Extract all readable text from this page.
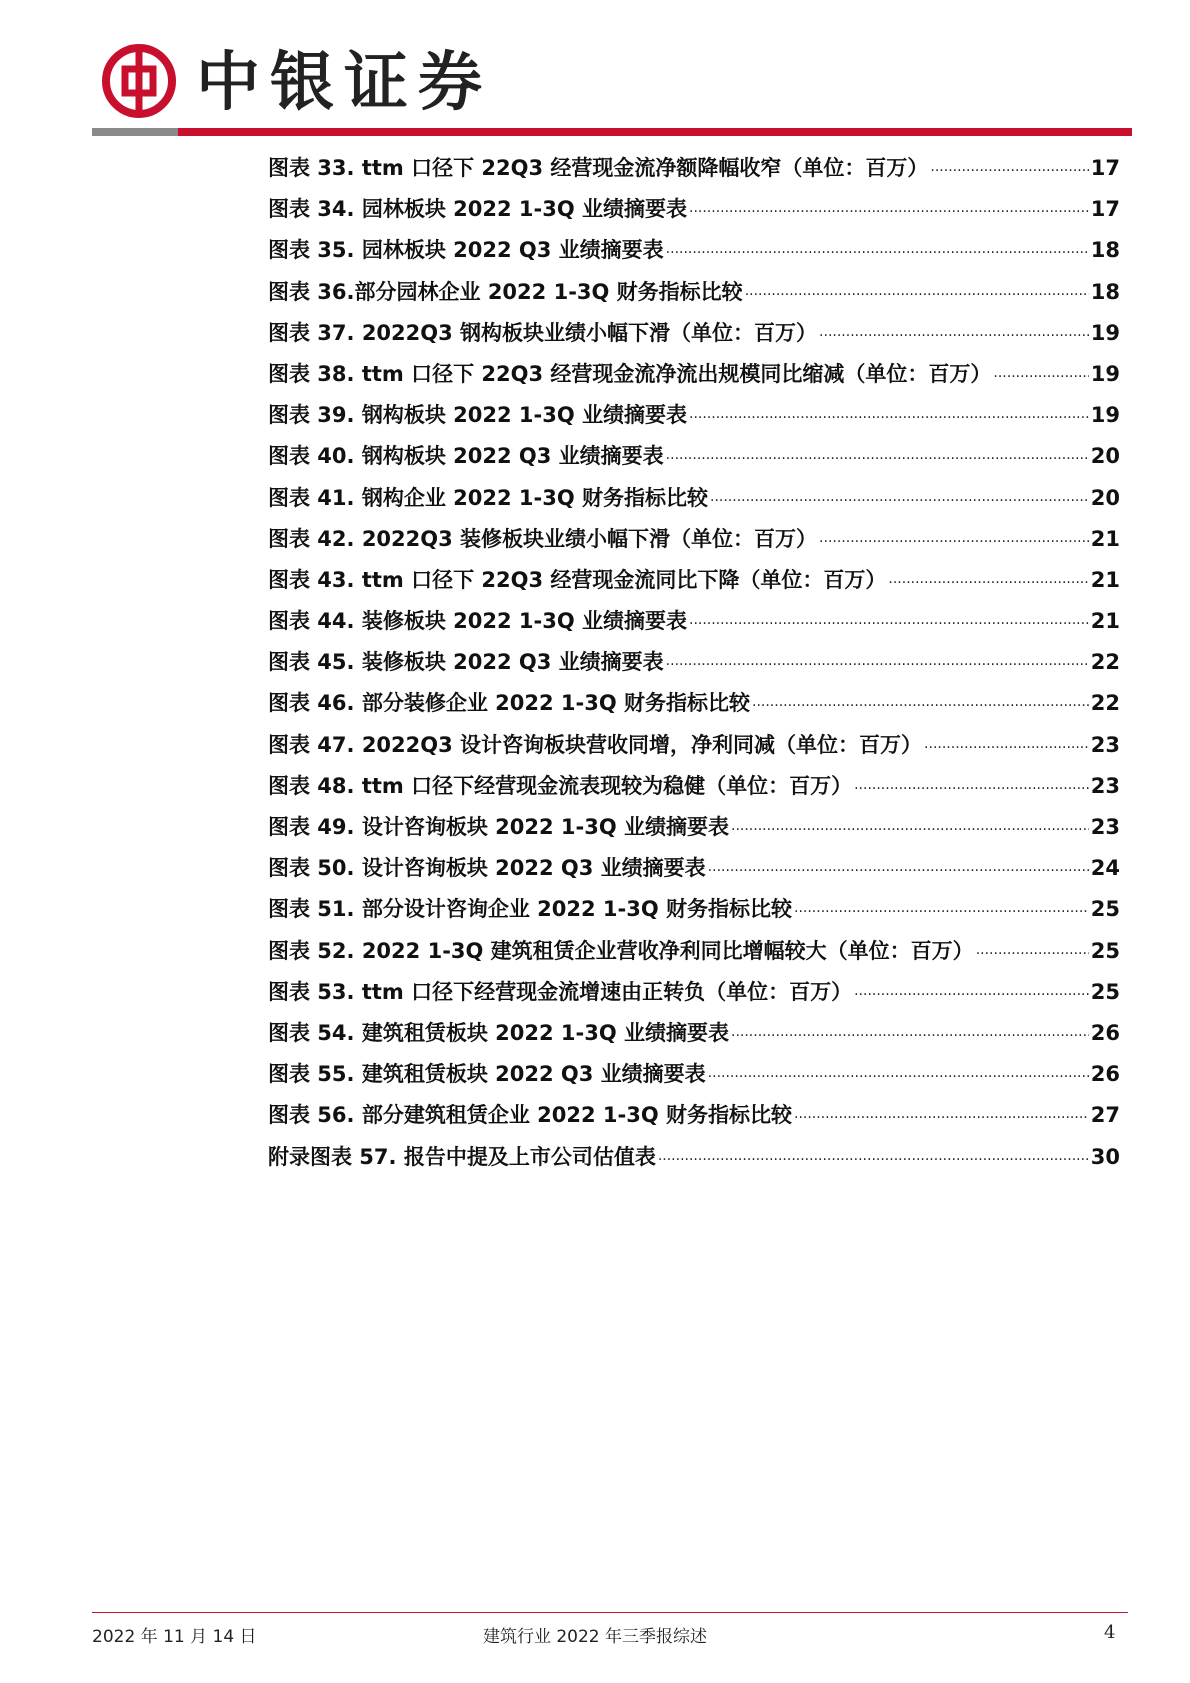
中银证券
图表 33. ttm 口径下 22Q3 经营现金流净额降幅收窄（单位：百万） ·····	17
图表 34. 园林板块 2022 1-3Q 业绩摘要表 ·····	17
图表 35. 园林板块 2022 Q3 业绩摘要表 ·····	18
图表 36.部分园林企业 2022 1-3Q 财务指标比较 ·····	18
图表 37. 2022Q3 钢构板块业绩小幅下滑（单位：百万） ·····	19
图表 38. ttm 口径下 22Q3 经营现金流净流出规模同比缩减（单位：百万） ·····	19
图表 39. 钢构板块 2022 1-3Q 业绩摘要表 ·····	19
图表 40. 钢构板块 2022 Q3 业绩摘要表 ·····	20
图表 41. 钢构企业 2022 1-3Q 财务指标比较 ·····	20
图表 42. 2022Q3 装修板块业绩小幅下滑（单位：百万） ·····	21
图表 43. ttm 口径下 22Q3 经营现金流同比下降（单位：百万） ·····	21
图表 44. 装修板块 2022 1-3Q 业绩摘要表 ·····	21
图表 45. 装修板块 2022 Q3 业绩摘要表 ·····	22
图表 46. 部分装修企业 2022 1-3Q 财务指标比较 ·····	22
图表 47. 2022Q3 设计咨询板块营收同增，净利同减（单位：百万） ·····	23
图表 48. ttm 口径下经营现金流表现较为稳健（单位：百万） ·····	23
图表 49. 设计咨询板块 2022 1-3Q 业绩摘要表 ·····	23
图表 50. 设计咨询板块 2022 Q3 业绩摘要表 ·····	24
图表 51. 部分设计咨询企业 2022 1-3Q 财务指标比较 ·····	25
图表 52. 2022 1-3Q 建筑租赁企业营收净利同比增幅较大（单位：百万） ·····	25
图表 53. ttm 口径下经营现金流增速由正转负（单位：百万） ·····	25
图表 54. 建筑租赁板块 2022 1-3Q 业绩摘要表 ·····	26
图表 55. 建筑租赁板块 2022 Q3 业绩摘要表 ·····	26
图表 56. 部分建筑租赁企业 2022 1-3Q 财务指标比较 ·····	27
附录图表 57. 报告中提及上市公司估值表 ·····	30
2022 年 11 月 14 日	建筑行业 2022 年三季报综述	4
